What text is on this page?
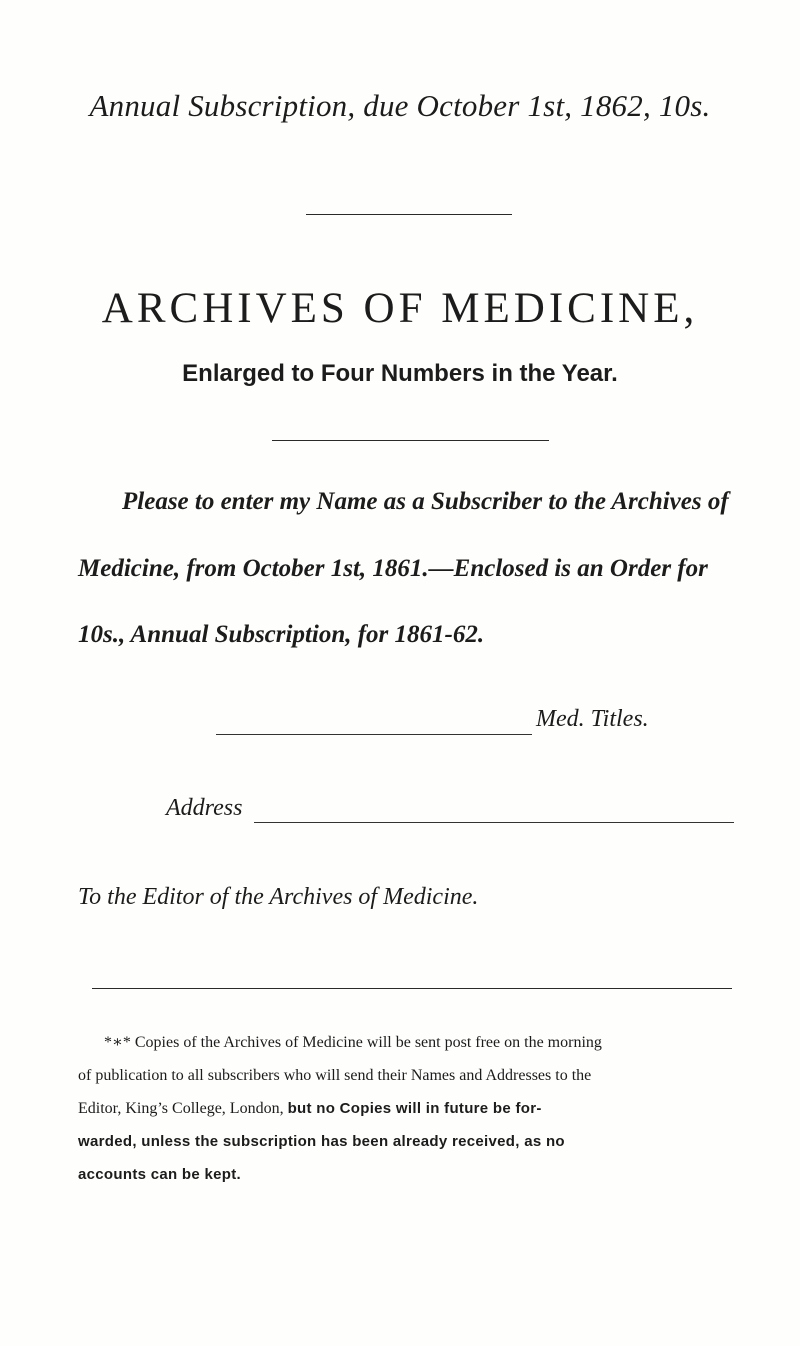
Annual Subscription, due October 1st, 1862, 10s.
ARCHIVES OF MEDICINE,
Enlarged to Four Numbers in the Year.
Please to enter my Name as a Subscriber to the Archives of
Medicine, from October 1st, 1861.—Enclosed is an Order for
10s., Annual Subscription, for 1861-62.
Med. Titles.
Address
To the Editor of the Archives of Medicine.
*∗* Copies of the Archives of Medicine will be sent post free on the morning
of publication to all subscribers who will send their Names and Addresses to the
Editor, King’s College, London, but no Copies will in future be for-
warded, unless the subscription has been already received, as no
accounts can be kept.
